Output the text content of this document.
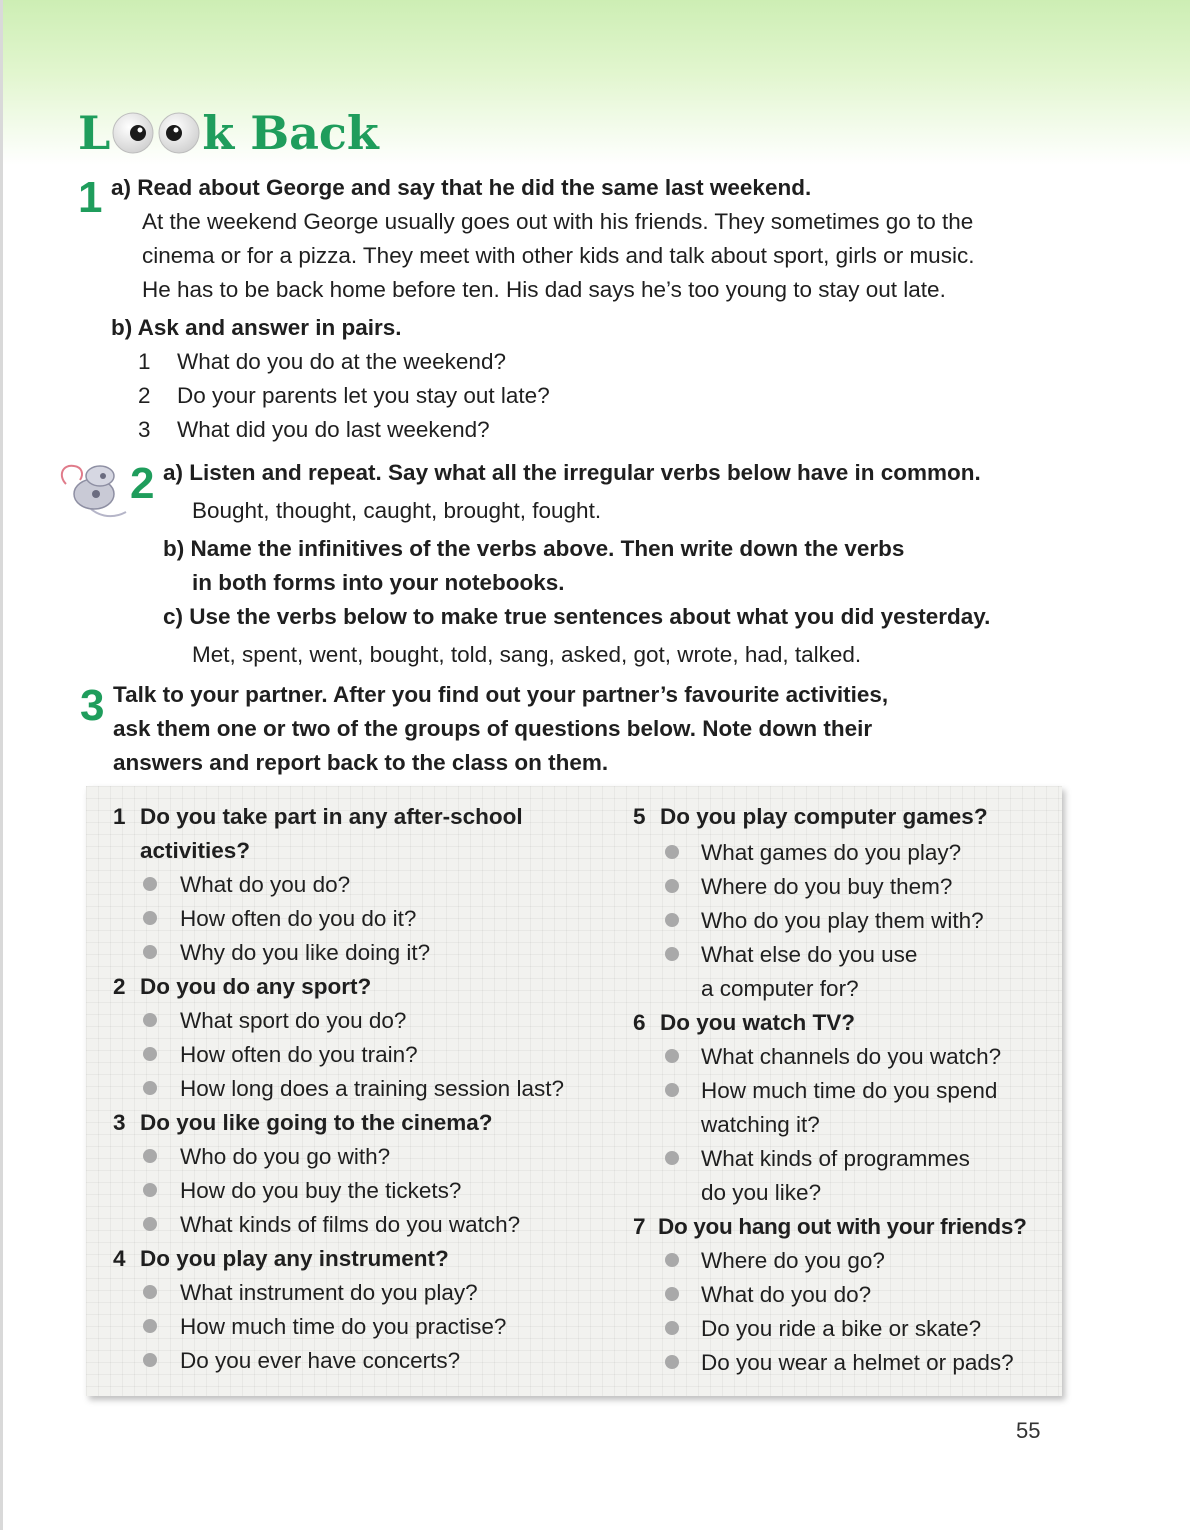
L k Back
1 a) Read about George and say that he did the same last weekend.
At the weekend George usually goes out with his friends. They sometimes go to the
cinema or for a pizza. They meet with other kids and talk about sport, girls or music.
He has to be back home before ten. His dad says he’s too young to stay out late.
b) Ask and answer in pairs.
1 What do you do at the weekend?
2 Do your parents let you stay out late?
3 What did you do last weekend?
2 a) Listen and repeat. Say what all the irregular verbs below have in common.
Bought, thought, caught, brought, fought.
b) Name the infinitives of the verbs above. Then write down the verbs
in both forms into your notebooks.
c) Use the verbs below to make true sentences about what you did yesterday.
Met, spent, went, bought, told, sang, asked, got, wrote, had, talked.
3 Talk to your partner. After you find out your partner’s favourite activities,
ask them one or two of the groups of questions below. Note down their
answers and report back to the class on them.
1 Do you take part in any after-school
activities?
What do you do?
How often do you do it?
Why do you like doing it?
2 Do you do any sport?
What sport do you do?
How often do you train?
How long does a training session last?
3 Do you like going to the cinema?
Who do you go with?
How do you buy the tickets?
What kinds of films do you watch?
4 Do you play any instrument?
What instrument do you play?
How much time do you practise?
Do you ever have concerts?
5 Do you play computer games?
What games do you play?
Where do you buy them?
Who do you play them with?
What else do you use
a computer for?
6 Do you watch TV?
What channels do you watch?
How much time do you spend
watching it?
What kinds of programmes
do you like?
7 Do you hang out with your friends?
Where do you go?
What do you do?
Do you ride a bike or skate?
Do you wear a helmet or pads?
55
